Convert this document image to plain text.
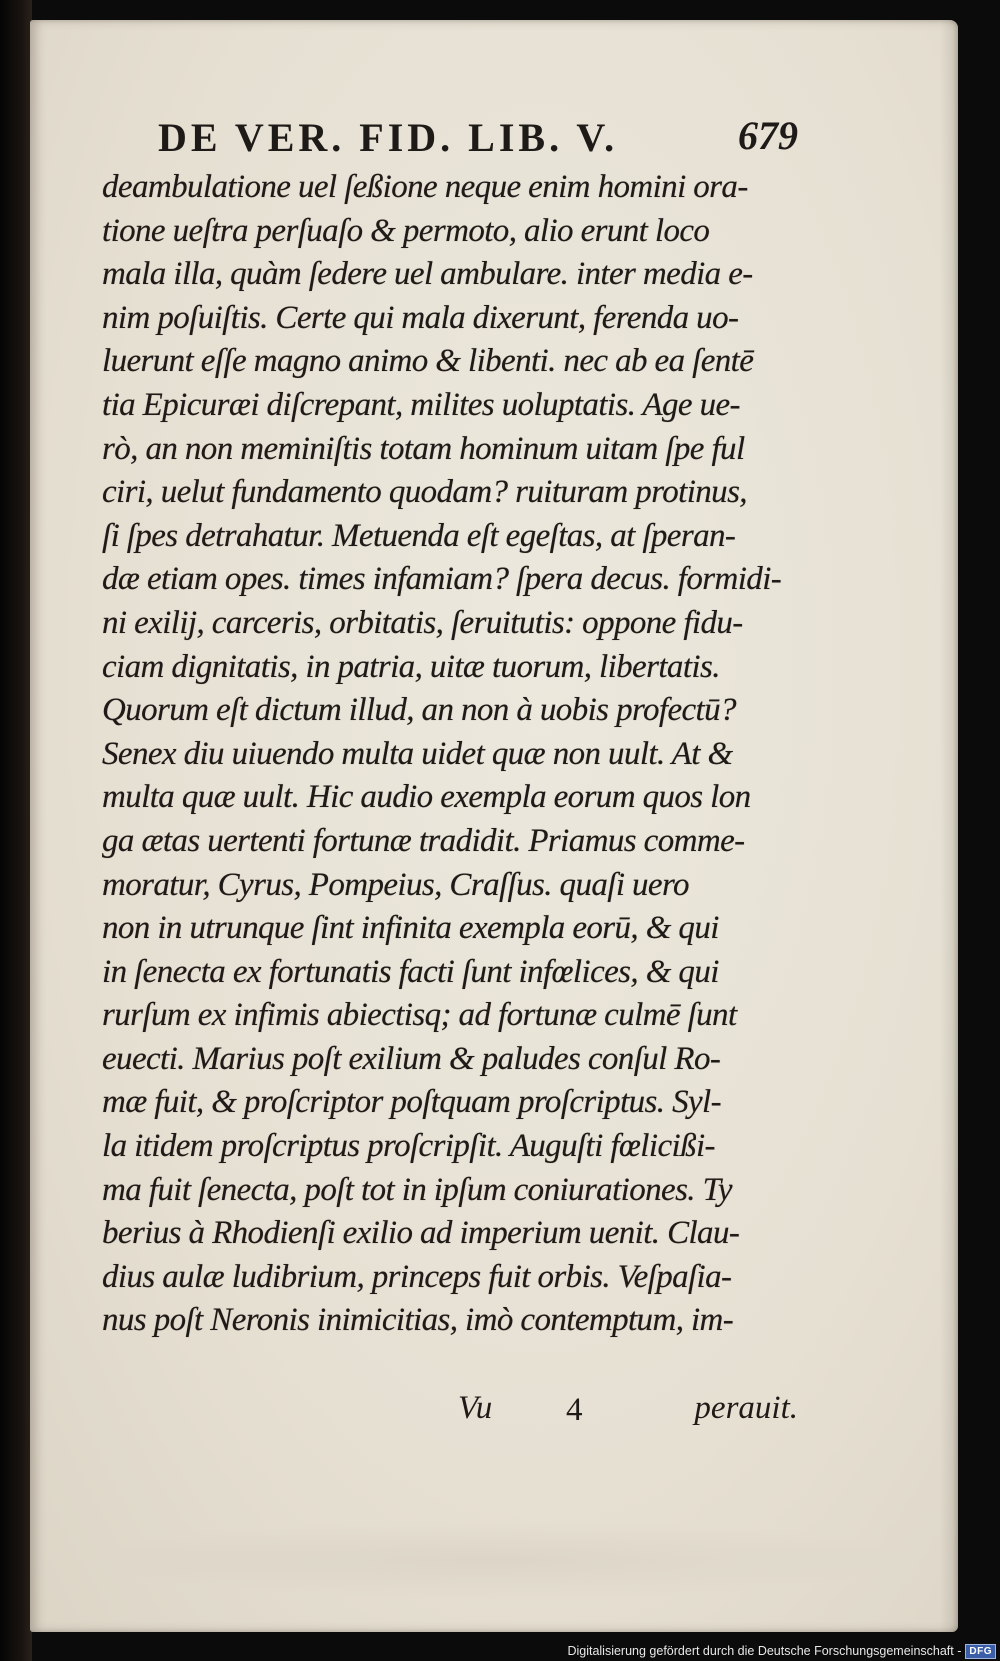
DE VER. FID. LIB. V.	679
deambulatione uel ſeßione neque enim homini ora-
tione ueſtra perſuaſo & permoto, alio erunt loco
mala illa, quàm ſedere uel ambulare. inter media e-
nim poſuiſtis. Certe qui mala dixerunt, ferenda uo-
luerunt eſſe magno animo & libenti. nec ab ea ſentē
tia Epicuræi diſcrepant, milites uoluptatis. Age ue-
rò, an non meminiſtis totam hominum uitam ſpe ful
ciri, uelut fundamento quodam? ruituram protinus,
ſi ſpes detrahatur. Metuenda eſt egeſtas, at ſperan-
dæ etiam opes. times infamiam? ſpera decus. formidi-
ni exilij, carceris, orbitatis, ſeruitutis: oppone fidu-
ciam dignitatis, in patria, uitæ tuorum, libertatis.
Quorum eſt dictum illud, an non à uobis profectū?
Senex diu uiuendo multa uidet quæ non uult. At &
multa quæ uult. Hic audio exempla eorum quos lon
ga ætas uertenti fortunæ tradidit. Priamus comme-
moratur, Cyrus, Pompeius, Craſſus. quaſi uero
non in utrunque ſint infinita exempla eorū, & qui
in ſenecta ex fortunatis facti ſunt infœlices, & qui
rurſum ex infimis abiectisq; ad fortunæ culmē ſunt
euecti. Marius poſt exilium & paludes conſul Ro-
mæ fuit, & proſcriptor poſtquam proſcriptus. Syl-
la itidem proſcriptus proſcripſit. Auguſti fœlicißi-
ma fuit ſenecta, poſt tot in ipſum coniurationes. Ty
berius à Rhodienſi exilio ad imperium uenit. Clau-
dius aulæ ludibrium, princeps fuit orbis. Veſpaſia-
nus poſt Neronis inimicitias, imò contemptum, im-
Vu 4	perauit.
Digitalisierung gefördert durch die Deutsche Forschungsgemeinschaft - DFG
